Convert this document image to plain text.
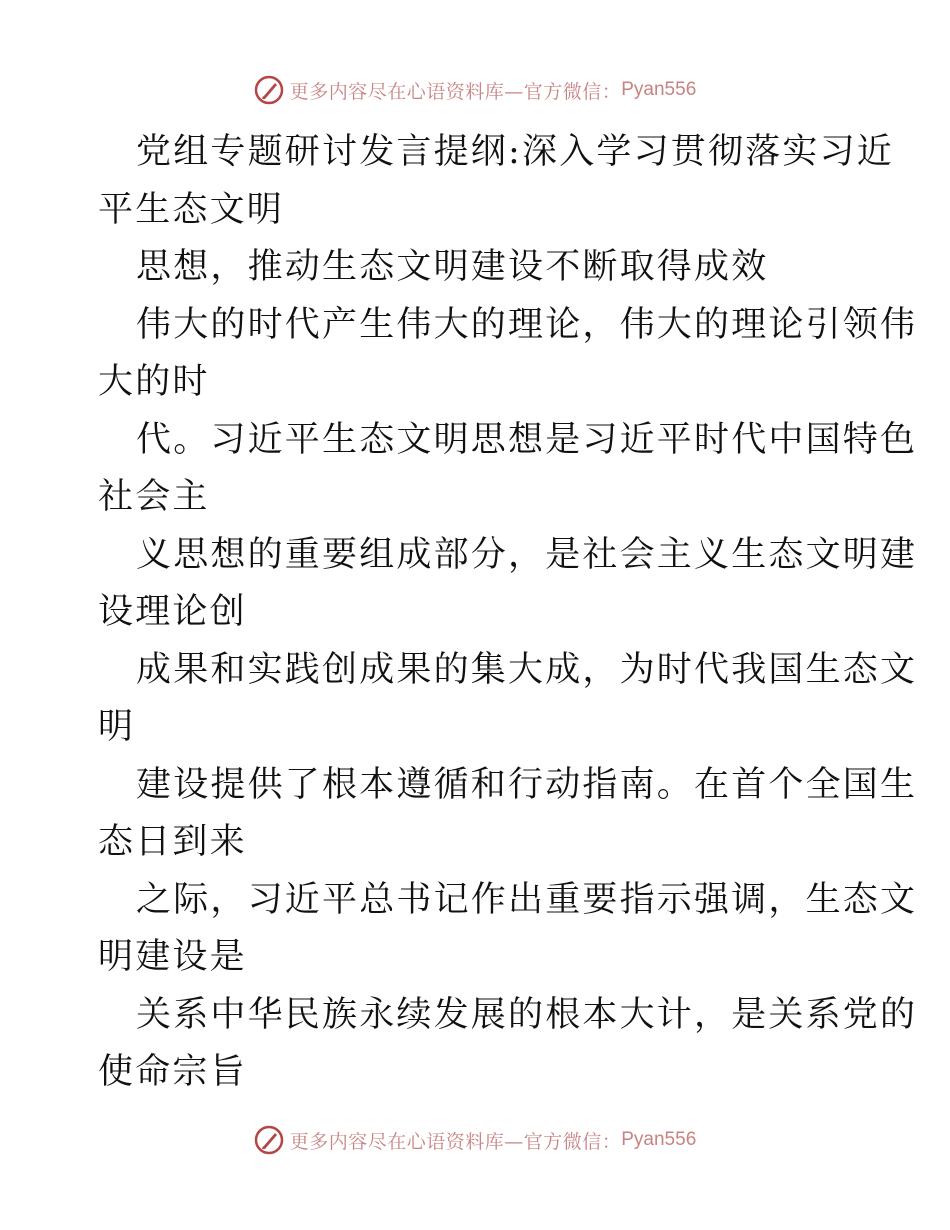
更多内容尽在心语资料库—官方微信： Pyan556
党组专题研讨发言提纲:深入学习贯彻落实习近
平生态文明
思想，推动生态文明建设不断取得成效
伟大的时代产生伟大的理论，伟大的理论引领伟
大的时
代。习近平生态文明思想是习近平时代中国特色
社会主
义思想的重要组成部分，是社会主义生态文明建
设理论创
成果和实践创成果的集大成，为时代我国生态文
明
建设提供了根本遵循和行动指南。在首个全国生
态日到来
之际，习近平总书记作出重要指示强调，生态文
明建设是
关系中华民族永续发展的根本大计，是关系党的
使命宗旨
更多内容尽在心语资料库—官方微信： Pyan556
